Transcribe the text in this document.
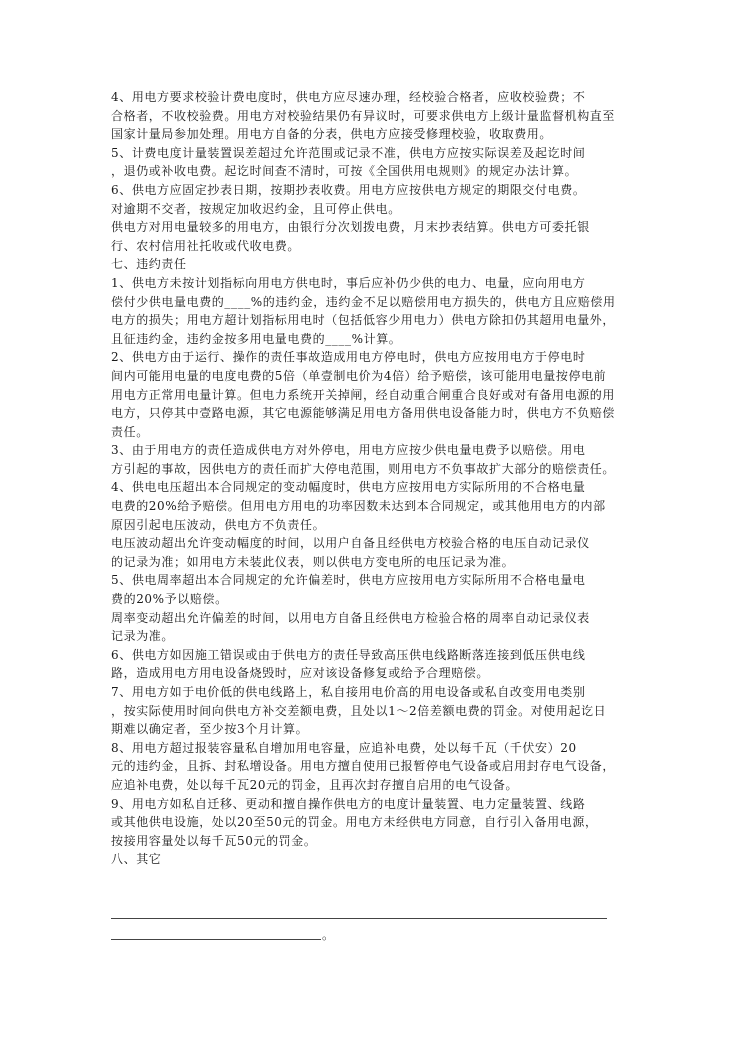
4、用电方要求校验计费电度时，供电方应尽速办理，经校验合格者，应收校验费；不
合格者，不收校验费。用电方对校验结果仍有异议时，可要求供电方上级计量监督机构直至
国家计量局参加处理。用电方自备的分表，供电方应接受修理校验，收取费用。
5、计费电度计量装置误差超过允许范围或记录不准，供电方应按实际误差及起讫时间
，退仍或补收电费。起讫时间查不清时，可按《全国供用电规则》的规定办法计算。
6、供电方应固定抄表日期，按期抄表收费。用电方应按供电方规定的期限交付电费。
对逾期不交者，按规定加收迟约金，且可停止供电。
供电方对用电量较多的用电方，由银行分次划拨电费，月末抄表结算。供电方可委托银
行、农村信用社托收或代收电费。
七、违约责任
1、供电方未按计划指标向用电方供电时，事后应补仍少供的电力、电量，应向用电方
偿付少供电量电费的____%的违约金，违约金不足以赔偿用电方损失的，供电方且应赔偿用
电方的损失；用电方超计划指标用电时（包括低容少用电力）供电方除扣仍其超用电量外，
且征违约金，违约金按多用电量电费的____%计算。
2、供电方由于运行、操作的责任事故造成用电方停电时，供电方应按用电方于停电时
间内可能用电量的电度电费的5倍（单壹制电价为4倍）给予赔偿，该可能用电量按停电前
用电方正常用电量计算。但电力系统开关掉闸，经自动重合闸重合良好或对有备用电源的用
电方，只停其中壹路电源，其它电源能够满足用电方备用供电设备能力时，供电方不负赔偿
责任。
3、由于用电方的责任造成供电方对外停电，用电方应按少供电量电费予以赔偿。用电
方引起的事故，因供电方的责任而扩大停电范围，则用电方不负事故扩大部分的赔偿责任。
4、供电电压超出本合同规定的变动幅度时，供电方应按用电方实际所用的不合格电量
电费的20%给予赔偿。但用电方用电的功率因数未达到本合同规定，或其他用电方的内部
原因引起电压波动，供电方不负责任。
电压波动超出允许变动幅度的时间，以用户自备且经供电方校验合格的电压自动记录仪
的记录为准；如用电方未装此仪表，则以供电方变电所的电压记录为准。
5、供电周率超出本合同规定的允许偏差时，供电方应按用电方实际所用不合格电量电
费的20%予以赔偿。
周率变动超出允许偏差的时间，以用电方自备且经供电方检验合格的周率自动记录仪表
记录为准。
6、供电方如因施工错误或由于供电方的责任导致高压供电线路断落连接到低压供电线
路，造成用电方用电设备烧毁时，应对该设备修复或给予合理赔偿。
7、用电方如于电价低的供电线路上，私自接用电价高的用电设备或私自改变用电类别
，按实际使用时间向供电方补交差额电费，且处以1～2倍差额电费的罚金。对使用起讫日
期难以确定者，至少按3个月计算。
8、用电方超过报装容量私自增加用电容量，应追补电费，处以每千瓦（千伏安）20
元的违约金，且拆、封私增设备。用电方擅自使用已报暂停电气设备或启用封存电气设备，
应追补电费，处以每千瓦20元的罚金，且再次封存擅自启用的电气设备。
9、用电方如私自迁移、更动和擅自操作供电方的电度计量装置、电力定量装置、线路
或其他供电设施，处以20至50元的罚金。用电方未经供电方同意，自行引入备用电源，
按接用容量处以每千瓦50元的罚金。
八、其它
。
